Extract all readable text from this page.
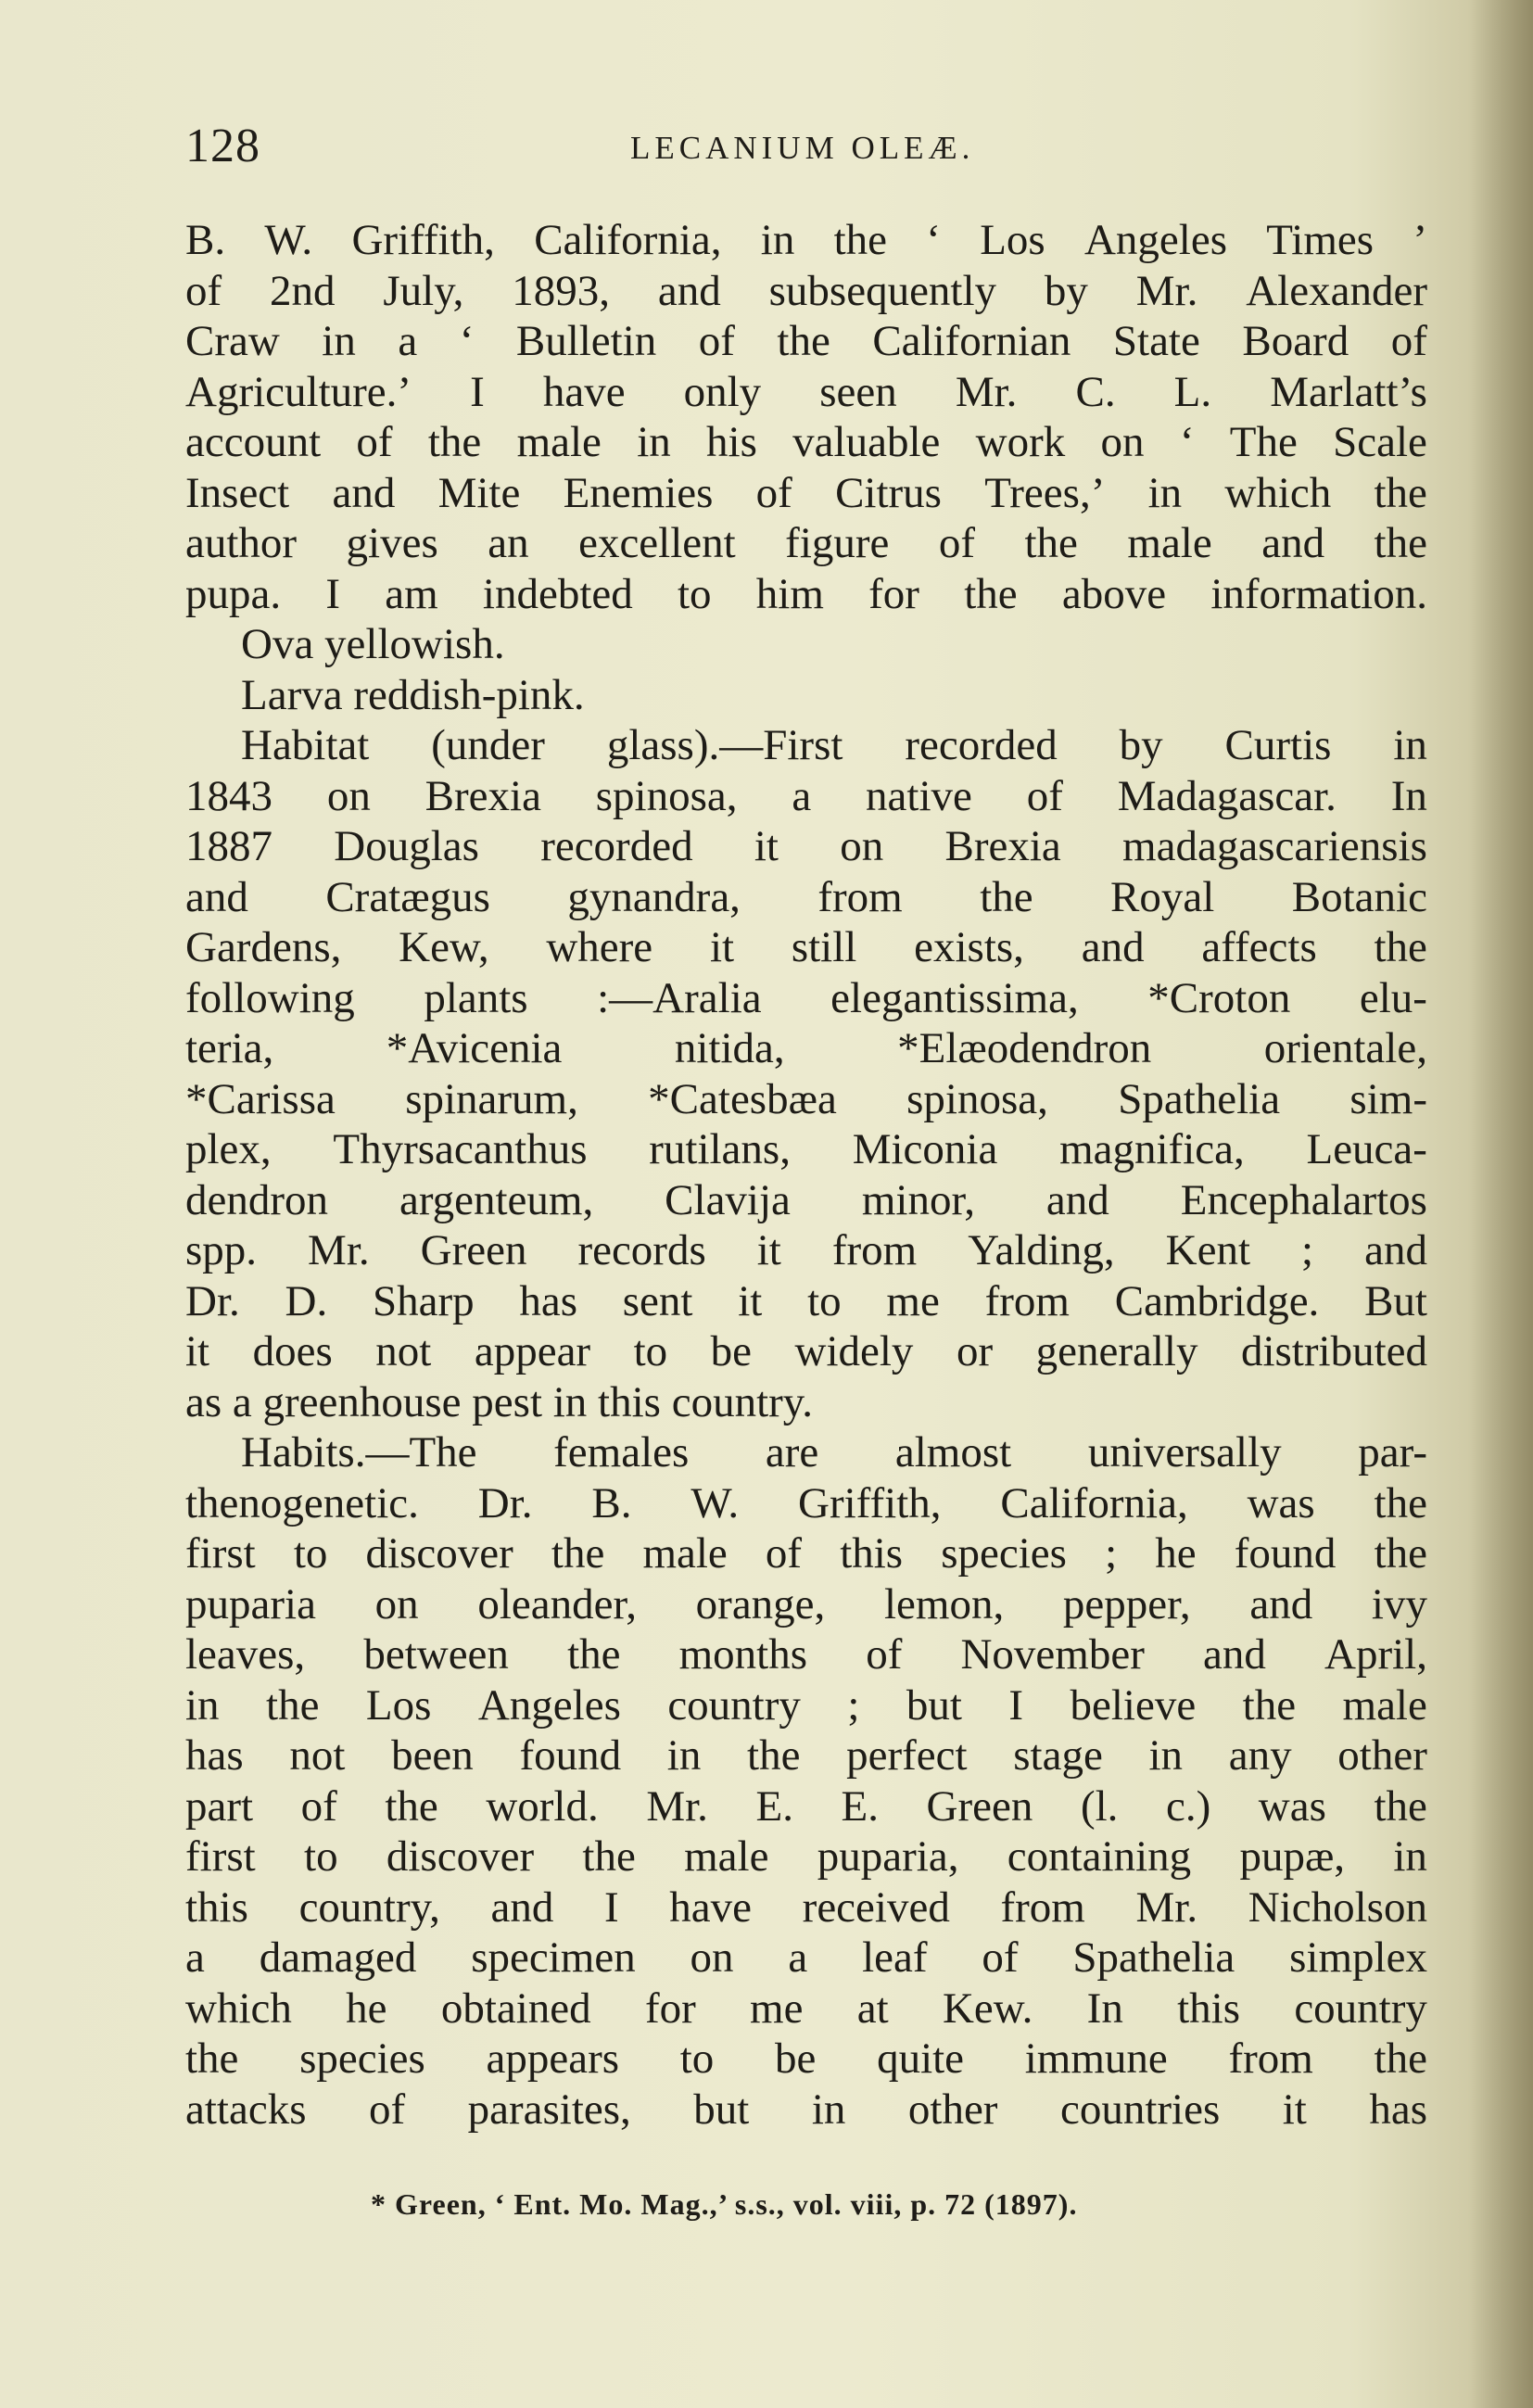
128	LECANIUM OLEÆ.
B. W. Griffith, California, in the ‘ Los Angeles Times ’
of 2nd July, 1893, and subsequently by Mr. Alexander
Craw in a ‘ Bulletin of the Californian State Board of
Agriculture.’ I have only seen Mr. C. L. Marlatt’s
account of the male in his valuable work on ‘ The Scale
Insect and Mite Enemies of Citrus Trees,’ in which the
author gives an excellent figure of the male and the
pupa. I am indebted to him for the above information.
Ova yellowish.
Larva reddish-pink.
Habitat (under glass).—First recorded by Curtis in
1843 on Brexia spinosa, a native of Madagascar. In
1887 Douglas recorded it on Brexia madagascariensis
and Cratægus gynandra, from the Royal Botanic
Gardens, Kew, where it still exists, and affects the
following plants :—Aralia elegantissima, *Croton elu-
teria,	*Avicenia	nitida,	*Elæodendron	orientale,
*Carissa spinarum, *Catesbæa spinosa, Spathelia sim-
plex, Thyrsacanthus rutilans, Miconia magnifica, Leuca-
dendron argenteum, Clavija minor, and Encephalartos
spp. Mr. Green records it from Yalding, Kent ; and
Dr. D. Sharp has sent it to me from Cambridge. But
it does not appear to be widely or generally distributed
as a greenhouse pest in this country.
Habits.—The females are almost universally par-
thenogenetic. Dr. B. W. Griffith, California, was the
first to discover the male of this species ; he found the
puparia on oleander, orange, lemon, pepper, and ivy
leaves, between the months of November and April,
in the Los Angeles country ; but I believe the male
has not been found in the perfect stage in any other
part of the world. Mr. E. E. Green (l. c.) was the
first to discover the male puparia, containing pupæ, in
this country, and I have received from Mr. Nicholson
a damaged specimen on a leaf of Spathelia simplex
which he obtained for me at Kew. In this country
the species appears to be quite immune from the
attacks of parasites, but in other countries it has
* Green, ‘ Ent. Mo. Mag.,’ s.s., vol. viii, p. 72 (1897).
